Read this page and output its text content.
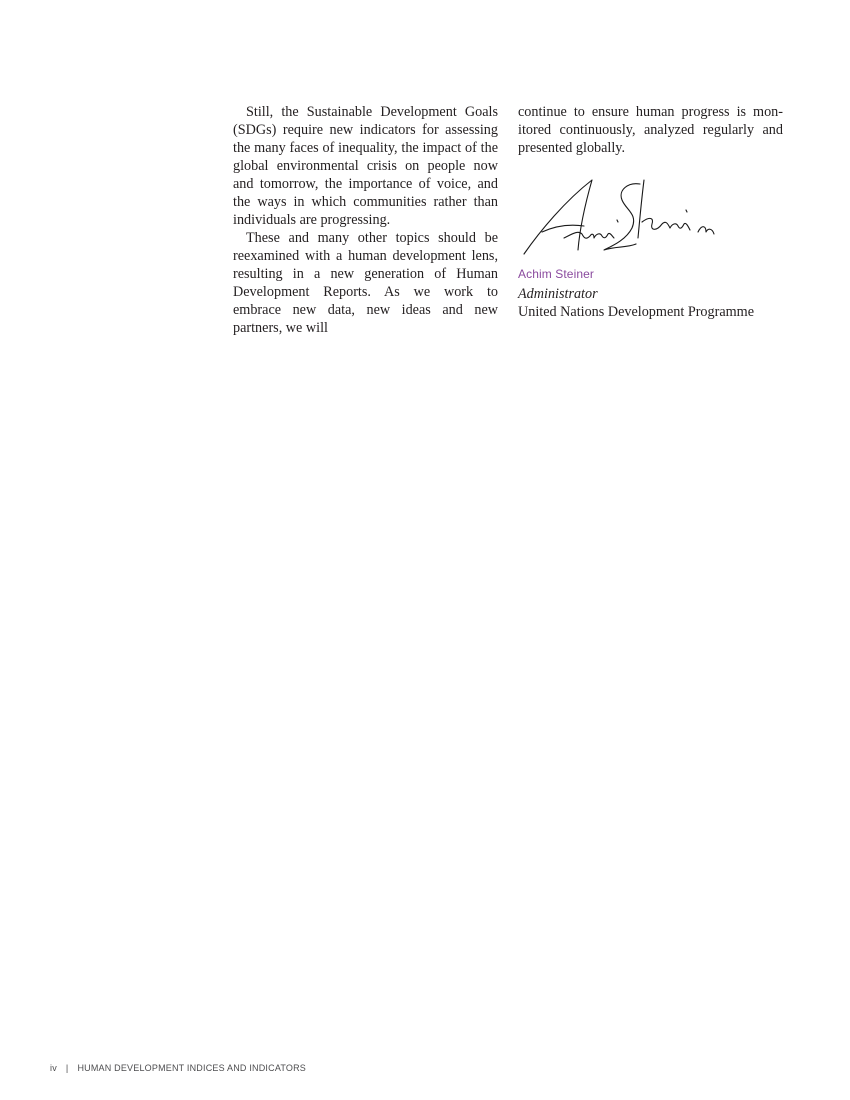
Still, the Sustainable Development Goals (SDGs) require new indicators for assessing the many faces of inequality, the impact of the global environmental crisis on people now and tomorrow, the importance of voice, and the ways in which communities rather than individuals are progressing.

These and many other topics should be reexamined with a human development lens, resulting in a new generation of Human Development Reports. As we work to embrace new data, new ideas and new partners, we will

continue to ensure human progress is monitored continuously, analyzed regularly and presented globally.

Achim Steiner
Administrator
United Nations Development Programme
iv | HUMAN DEVELOPMENT INDICES AND INDICATORS
